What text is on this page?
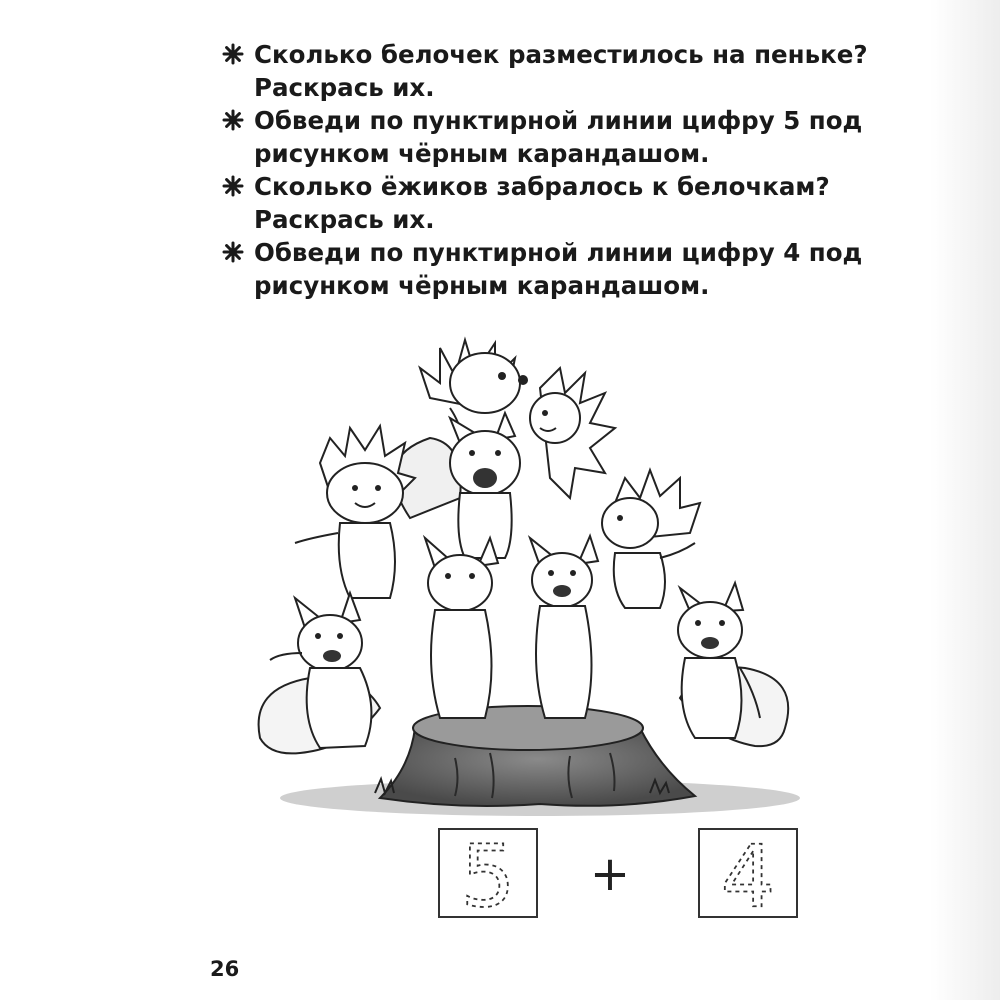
Сколько белочек разместилось на пеньке?
Раскрась их.
Обведи по пунктирной линии цифру 5 под
рисунком чёрным карандашом.
Сколько ёжиков забралось к белочкам?
Раскрась их.
Обведи по пунктирной линии цифру 4 под
рисунком чёрным карандашом.
5 + 4
26
